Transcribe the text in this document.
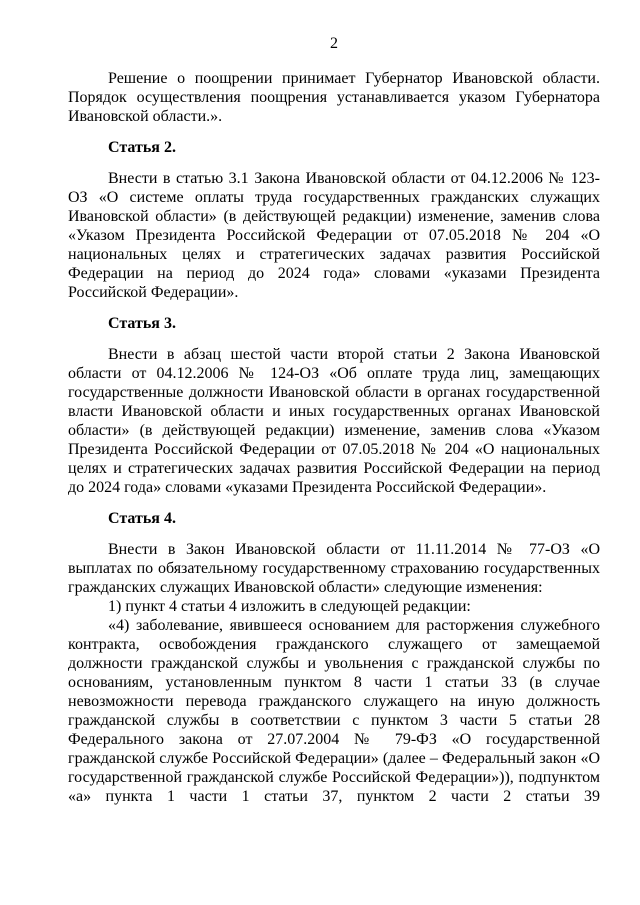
2

Решение о поощрении принимает Губернатор Ивановской области. Порядок осуществления поощрения устанавливается указом Губернатора Ивановской области.».

Статья 2.

Внести в статью 3.1 Закона Ивановской области от 04.12.2006 № 123-ОЗ «О системе оплаты труда государственных гражданских служащих Ивановской области» (в действующей редакции) изменение, заменив слова «Указом Президента Российской Федерации от 07.05.2018 № 204 «О национальных целях и стратегических задачах развития Российской Федерации на период до 2024 года» словами «указами Президента Российской Федерации».

Статья 3.

Внести в абзац шестой части второй статьи 2 Закона Ивановской области от 04.12.2006 № 124-ОЗ «Об оплате труда лиц, замещающих государственные должности Ивановской области в органах государственной власти Ивановской области и иных государственных органах Ивановской области» (в действующей редакции) изменение, заменив слова «Указом Президента Российской Федерации от 07.05.2018 № 204 «О национальных целях и стратегических задачах развития Российской Федерации на период до 2024 года» словами «указами Президента Российской Федерации».

Статья 4.

Внести в Закон Ивановской области от 11.11.2014 № 77-ОЗ «О выплатах по обязательному государственному страхованию государственных гражданских служащих Ивановской области» следующие изменения:

1) пункт 4 статьи 4 изложить в следующей редакции:

«4) заболевание, явившееся основанием для расторжения служебного контракта, освобождения гражданского служащего от замещаемой должности гражданской службы и увольнения с гражданской службы по основаниям, установленным пунктом 8 части 1 статьи 33 (в случае невозможности перевода гражданского служащего на иную должность гражданской службы в соответствии с пунктом 3 части 5 статьи 28 Федерального закона от 27.07.2004 № 79-ФЗ «О государственной гражданской службе Российской Федерации» (далее – Федеральный закон «О государственной гражданской службе Российской Федерации»)), подпунктом «а» пункта 1 части 1 статьи 37, пунктом 2 части 2 статьи 39
